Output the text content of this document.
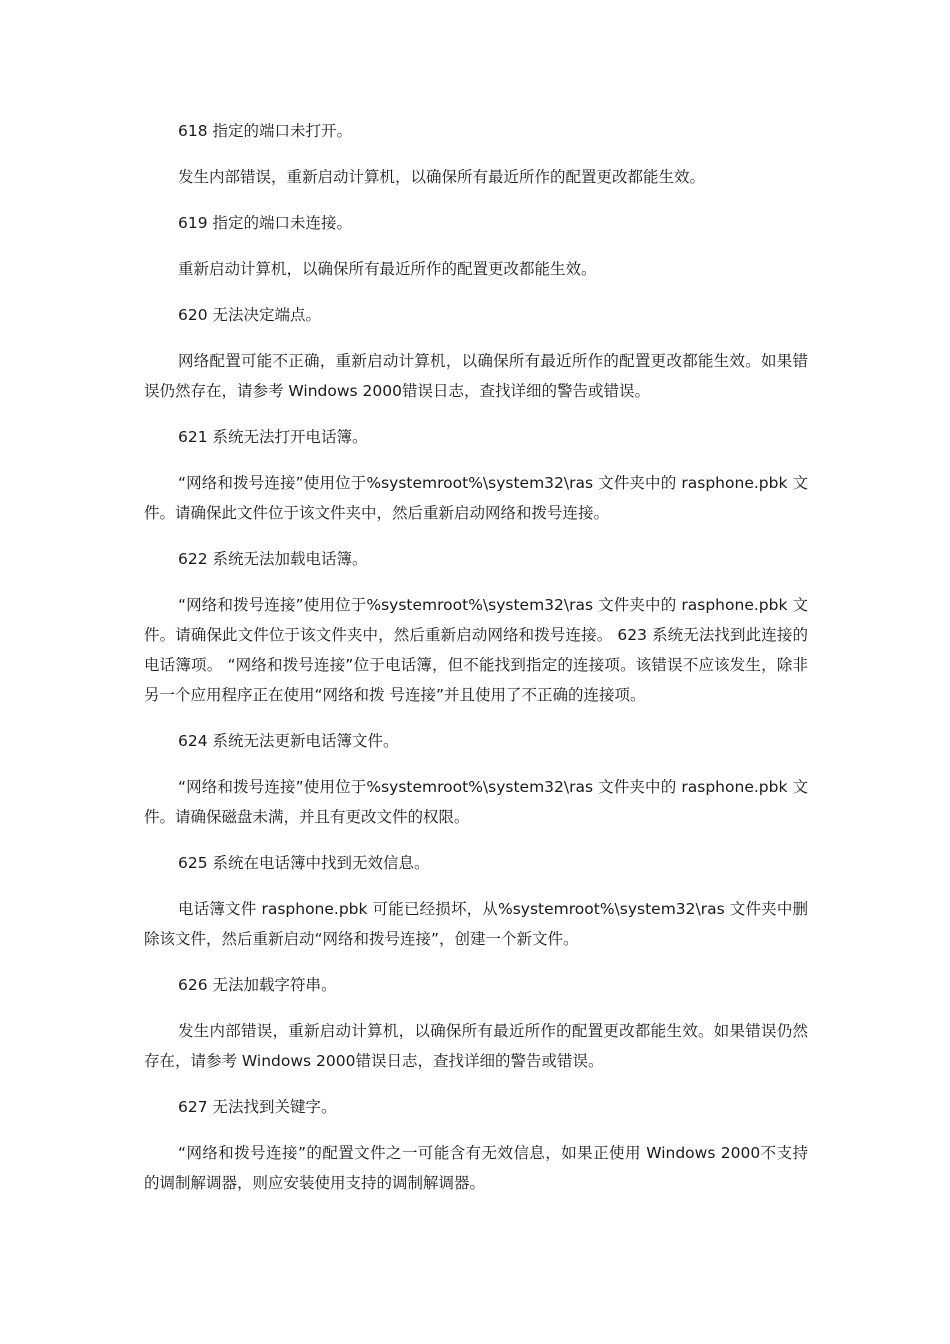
618 指定的端口未打开。

发生内部错误，重新启动计算机，以确保所有最近所作的配置更改都能生效。

619 指定的端口未连接。

重新启动计算机，以确保所有最近所作的配置更改都能生效。

620 无法决定端点。

网络配置可能不正确，重新启动计算机，以确保所有最近所作的配置更改都能生效。如果错误仍然存在，请参考 Windows 2000错误日志，查找详细的警告或错误。

621 系统无法打开电话簿。

“网络和拨号连接”使用位于%systemroot%\system32\ras 文件夹中的 rasphone.pbk 文件。请确保此文件位于该文件夹中，然后重新启动网络和拨号连接。

622 系统无法加载电话簿。

“网络和拨号连接”使用位于%systemroot%\system32\ras 文件夹中的 rasphone.pbk 文 件。请确保此文件位于该文件夹中，然后重新启动网络和拨号连接。 623 系统无法找到此连接的电话簿项。 “网络和拨号连接”位于电话簿，但不能找到指定的连接项。该错误不应该发生，除非另一个应用程序正在使用“网络和拨 号连接”并且使用了不正确的连接项。

624 系统无法更新电话簿文件。

“网络和拨号连接”使用位于%systemroot%\system32\ras 文件夹中的 rasphone.pbk 文件。请确保磁盘未满，并且有更改文件的权限。

625 系统在电话簿中找到无效信息。

电话簿文件 rasphone.pbk 可能已经损坏，从%systemroot%\system32\ras 文件夹中删除该文件，然后重新启动“网络和拨号连接”，创建一个新文件。

626 无法加载字符串。

发生内部错误，重新启动计算机，以确保所有最近所作的配置更改都能生效。如果错误仍然存在，请参考 Windows 2000错误日志，查找详细的警告或错误。

627 无法找到关键字。

“网络和拨号连接”的配置文件之一可能含有无效信息，如果正使用 Windows 2000不支持的调制解调器，则应安装使用支持的调制解调器。
